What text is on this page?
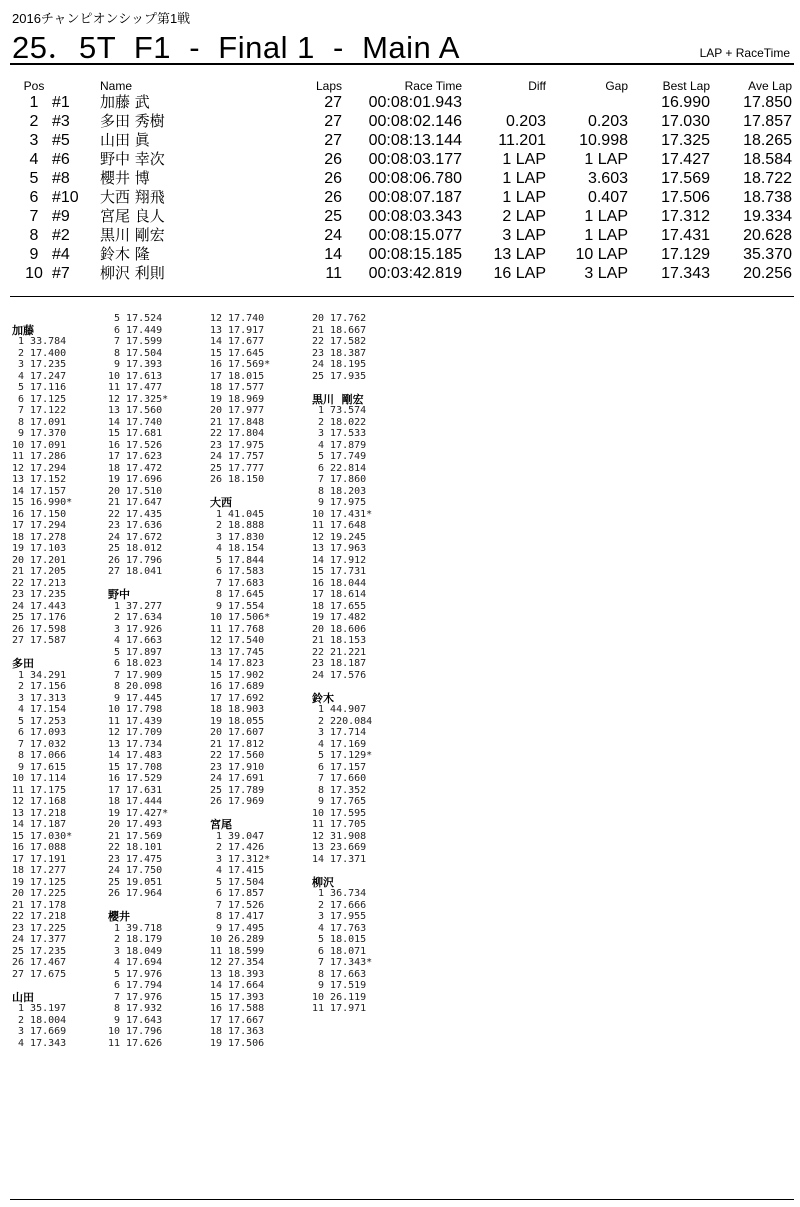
2016チャンピオンシップ第1戦
25．5T  F1  -  Final 1  -  Main A	LAP + RaceTime
Pos		Name	Laps	Race Time	Diff	Gap	Best Lap	Ave Lap
1	#1	加藤 武	27	00:08:01.943			16.990	17.850
2	#3	多田 秀樹	27	00:08:02.146	0.203	0.203	17.030	17.857
3	#5	山田 眞	27	00:08:13.144	11.201	10.998	17.325	18.265
4	#6	野中 幸次	26	00:08:03.177	1 LAP	1 LAP	17.427	18.584
5	#8	櫻井 博	26	00:08:06.780	1 LAP	3.603	17.569	18.722
6	#10	大西 翔飛	26	00:08:07.187	1 LAP	0.407	17.506	18.738
7	#9	宮尾 良人	25	00:08:03.343	2 LAP	1 LAP	17.312	19.334
8	#2	黒川 剛宏	24	00:08:15.077	3 LAP	1 LAP	17.431	20.628
9	#4	鈴木 隆	14	00:08:15.185	13 LAP	10 LAP	17.129	35.370
10	#7	柳沢 利則	11	00:03:42.819	16 LAP	3 LAP	17.343	20.256
加藤
1 33.784
2 17.400
3 17.235
4 17.247
5 17.116
6 17.125
7 17.122
8 17.091
9 17.370
10 17.091
11 17.286
12 17.294
13 17.152
14 17.157
15 16.990*
16 17.150
17 17.294
18 17.278
19 17.103
20 17.201
21 17.205
22 17.213
23 17.235
24 17.443
25 17.176
26 17.598
27 17.587
多田
1 34.291
2 17.156
3 17.313
4 17.154
5 17.253
6 17.093
7 17.032
8 17.066
9 17.615
10 17.114
11 17.175
12 17.168
13 17.218
14 17.187
15 17.030*
16 17.088
17 17.191
18 17.277
19 17.125
20 17.225
21 17.178
22 17.218
23 17.225
24 17.377
25 17.235
26 17.467
27 17.675
山田
1 35.197
2 18.004
3 17.669
4 17.343
5 17.524
6 17.449
7 17.599
8 17.504
9 17.393
10 17.613
11 17.477
12 17.325*
13 17.560
14 17.740
15 17.681
16 17.526
17 17.623
18 17.472
19 17.696
20 17.510
21 17.647
22 17.435
23 17.636
24 17.672
25 18.012
26 17.796
27 18.041
野中
1 37.277
2 17.634
3 17.926
4 17.663
5 17.897
6 18.023
7 17.909
8 20.098
9 17.445
10 17.798
11 17.439
12 17.709
13 17.734
14 17.483
15 17.708
16 17.529
17 17.631
18 17.444
19 17.427*
20 17.493
21 17.569
22 18.101
23 17.475
24 17.750
25 19.051
26 17.964
櫻井
1 39.718
2 18.179
3 18.049
4 17.694
5 17.976
6 17.794
7 17.976
8 17.932
9 17.643
10 17.796
11 17.626
12 17.740
13 17.917
14 17.677
15 17.645
16 17.569*
17 18.015
18 17.577
19 18.969
20 17.977
21 17.848
22 17.804
23 17.975
24 17.757
25 17.777
26 18.150
大西
1 41.045
2 18.888
3 17.830
4 18.154
5 17.844
6 17.583
7 17.683
8 17.645
9 17.554
10 17.506*
11 17.768
12 17.540
13 17.745
14 17.823
15 17.902
16 17.689
17 17.692
18 18.903
19 18.055
20 17.607
21 17.812
22 17.560
23 17.910
24 17.691
25 17.789
26 17.969
宮尾
1 39.047
2 17.426
3 17.312*
4 17.415
5 17.504
6 17.857
7 17.526
8 17.417
9 17.495
10 26.289
11 18.599
12 27.354
13 18.393
14 17.664
15 17.393
16 17.588
17 17.667
18 17.363
19 17.506
20 17.762
21 18.667
22 17.582
23 18.387
24 18.195
25 17.935
黒川  剛宏
1 73.574
2 18.022
3 17.533
4 17.879
5 17.749
6 22.814
7 17.860
8 18.203
9 17.975
10 17.431*
11 17.648
12 19.245
13 17.963
14 17.912
15 17.731
16 18.044
17 18.614
18 17.655
19 17.482
20 18.606
21 18.153
22 21.221
23 18.187
24 17.576
鈴木
1 44.907
2 220.084
3 17.714
4 17.169
5 17.129*
6 17.157
7 17.660
8 17.352
9 17.765
10 17.595
11 17.705
12 31.908
13 23.669
14 17.371
柳沢
1 36.734
2 17.666
3 17.955
4 17.763
5 18.015
6 18.071
7 17.343*
8 17.663
9 17.519
10 26.119
11 17.971
